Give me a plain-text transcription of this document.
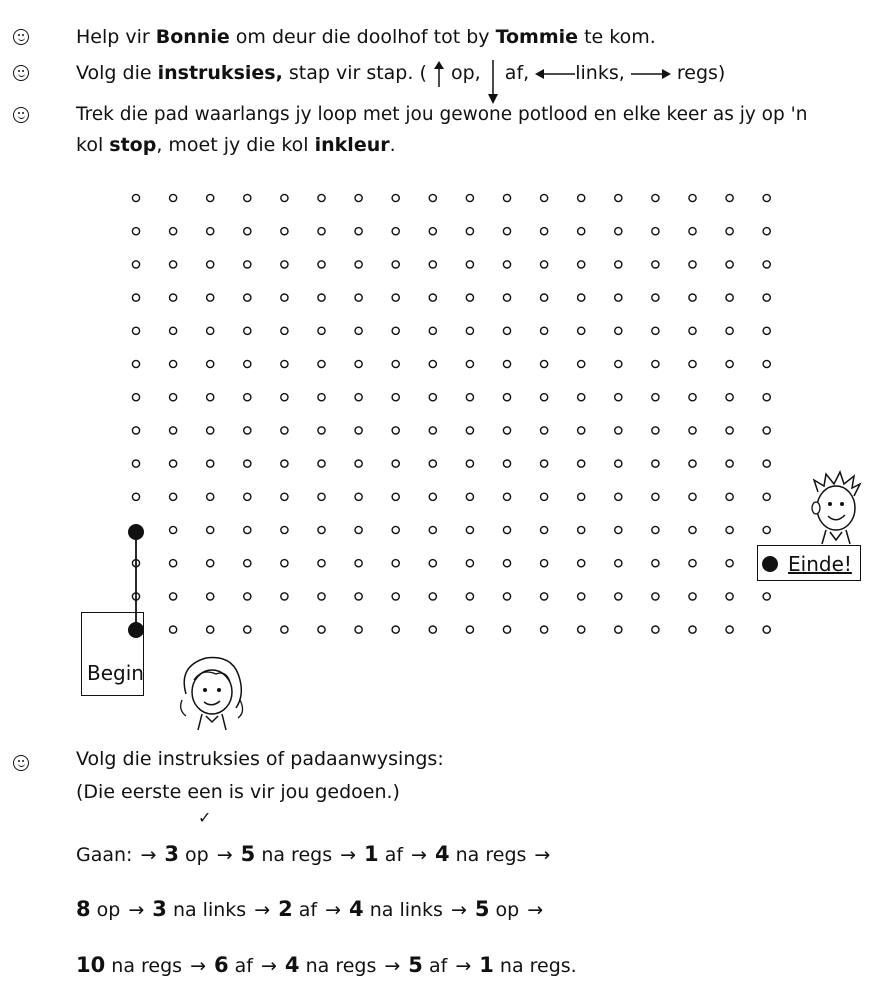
Help vir Bonnie om deur die doolhof tot by Tommie te kom.
Volg die instruksies, stap vir stap. ( op, af, links,	regs)
Trek die pad waarlangs jy loop met jou gewone potlood en elke keer as jy op 'n
kol stop, moet jy die kol inkleur.
Begin
Einde!
Volg die instruksies of padaanwysings:
(Die eerste een is vir jou gedoen.)
✓
Gaan: → 3 op → 5 na regs → 1 af → 4 na regs →
8 op → 3 na links → 2 af → 4 na links → 5 op →
10 na regs → 6 af → 4 na regs → 5 af → 1 na regs.
